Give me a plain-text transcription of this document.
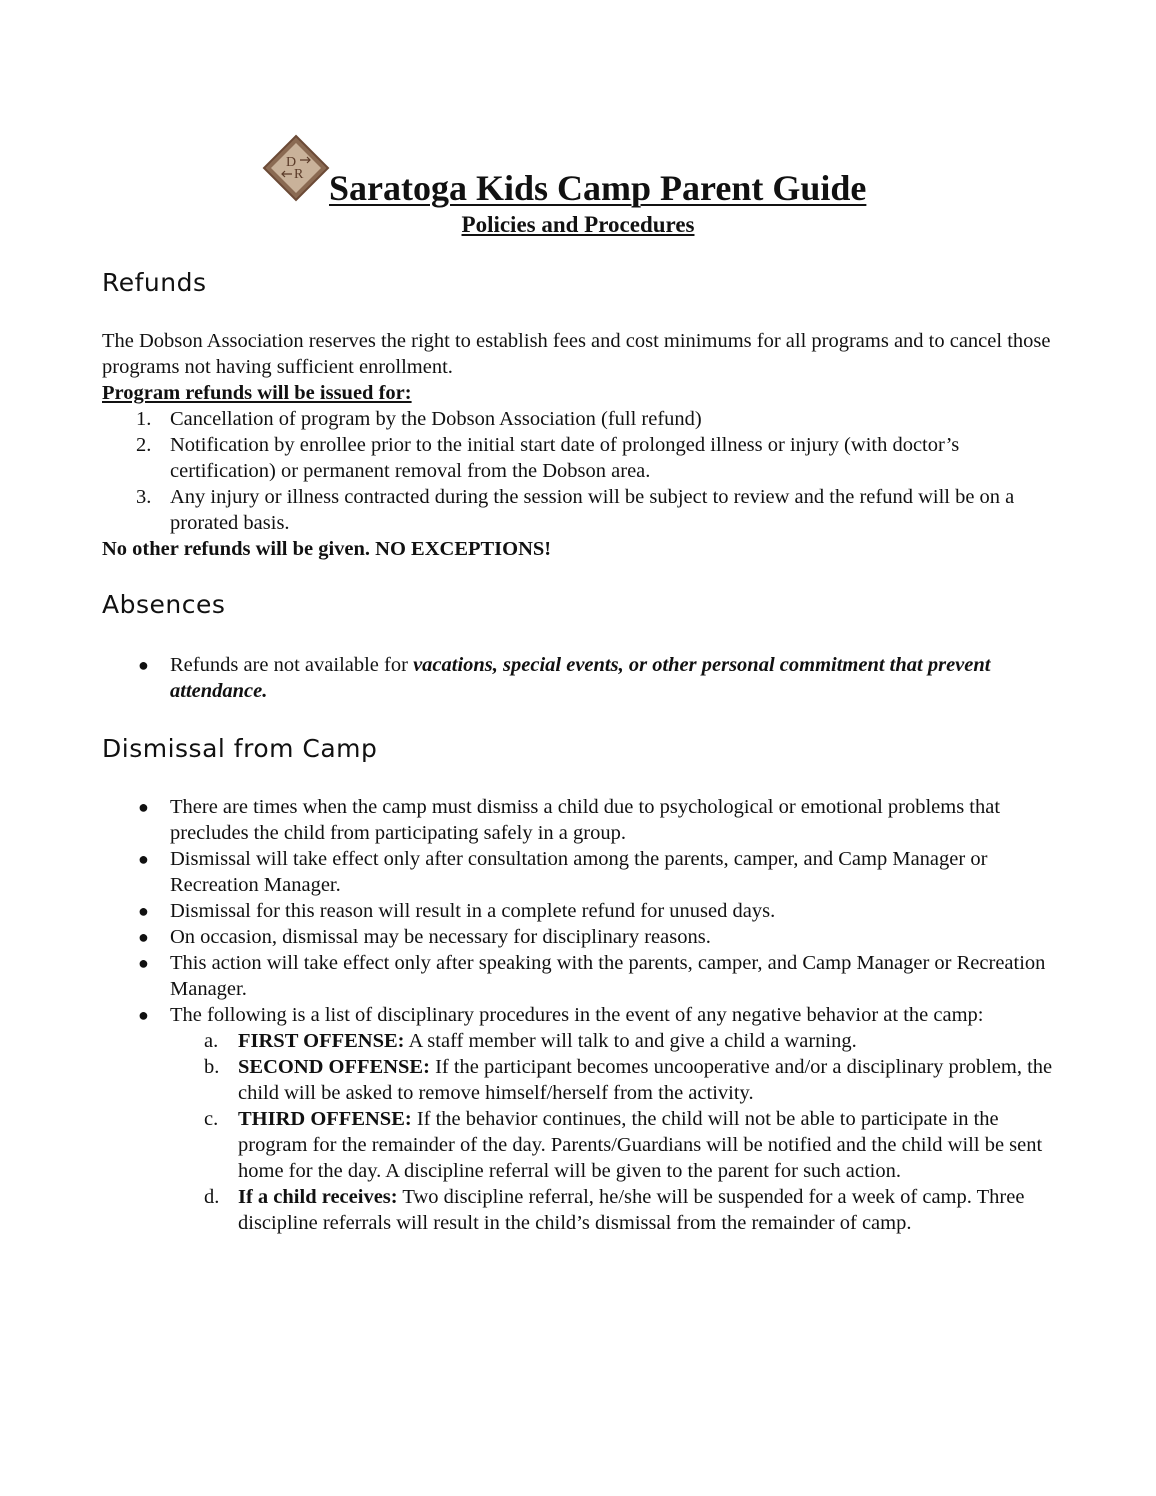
D
R Saratoga Kids Camp Parent Guide
Policies and Procedures
Refunds
The Dobson Association reserves the right to establish fees and cost minimums for all programs and to cancel those programs not having sufficient enrollment.
Program refunds will be issued for:
1. Cancellation of program by the Dobson Association (full refund)
2. Notification by enrollee prior to the initial start date of prolonged illness or injury (with doctor’s certification) or permanent removal from the Dobson area.
3. Any injury or illness contracted during the session will be subject to review and the refund will be on a prorated basis.
No other refunds will be given. NO EXCEPTIONS!
Absences
● Refunds are not available for vacations, special events, or other personal commitment that prevent attendance.
Dismissal from Camp
● There are times when the camp must dismiss a child due to psychological or emotional problems that precludes the child from participating safely in a group.
● Dismissal will take effect only after consultation among the parents, camper, and Camp Manager or Recreation Manager.
● Dismissal for this reason will result in a complete refund for unused days.
● On occasion, dismissal may be necessary for disciplinary reasons.
● This action will take effect only after speaking with the parents, camper, and Camp Manager or Recreation Manager.
● The following is a list of disciplinary procedures in the event of any negative behavior at the camp:
a. FIRST OFFENSE: A staff member will talk to and give a child a warning.
b. SECOND OFFENSE: If the participant becomes uncooperative and/or a disciplinary problem, the child will be asked to remove himself/herself from the activity.
c. THIRD OFFENSE: If the behavior continues, the child will not be able to participate in the program for the remainder of the day. Parents/Guardians will be notified and the child will be sent home for the day. A discipline referral will be given to the parent for such action.
d. If a child receives: Two discipline referral, he/she will be suspended for a week of camp. Three discipline referrals will result in the child’s dismissal from the remainder of camp.
